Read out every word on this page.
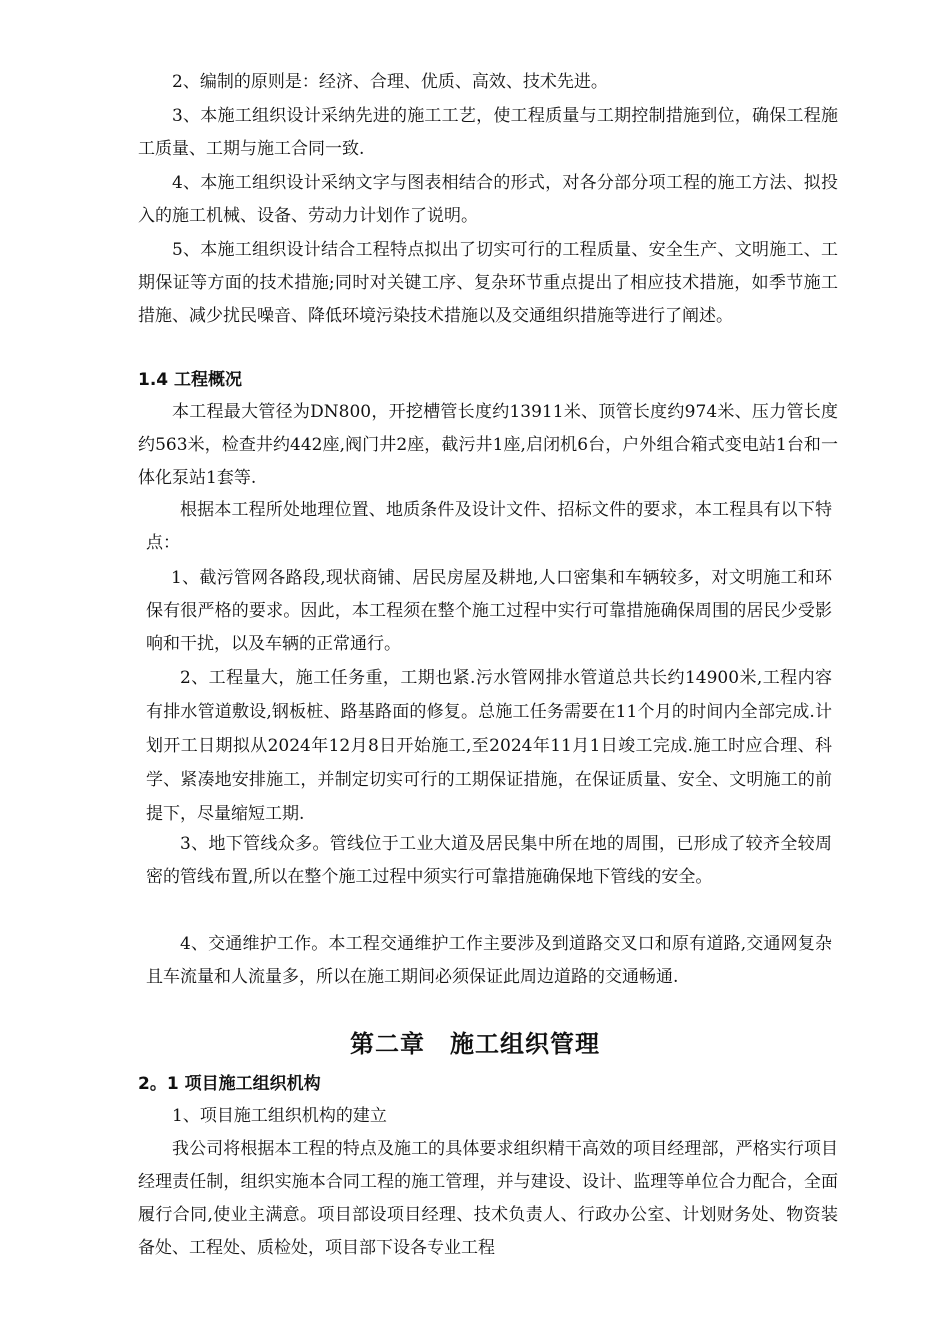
2、编制的原则是：经济、合理、优质、高效、技术先进。
3、本施工组织设计采纳先进的施工工艺，使工程质量与工期控制措施到位，确保工程施工质量、工期与施工合同一致.
4、本施工组织设计采纳文字与图表相结合的形式，对各分部分项工程的施工方法、拟投入的施工机械、设备、劳动力计划作了说明。
5、本施工组织设计结合工程特点拟出了切实可行的工程质量、安全生产、文明施工、工期保证等方面的技术措施;同时对关键工序、复杂环节重点提出了相应技术措施，如季节施工措施、减少扰民噪音、降低环境污染技术措施以及交通组织措施等进行了阐述。
1.4 工程概况
本工程最大管径为DN800，开挖槽管长度约13911米、顶管长度约974米、压力管长度约563米，检查井约442座,阀门井2座，截污井1座,启闭机6台，户外组合箱式变电站1台和一体化泵站1套等.
根据本工程所处地理位置、地质条件及设计文件、招标文件的要求，本工程具有以下特点：
1、截污管网各路段,现状商铺、居民房屋及耕地,人口密集和车辆较多，对文明施工和环保有很严格的要求。因此，本工程须在整个施工过程中实行可靠措施确保周围的居民少受影响和干扰，以及车辆的正常通行。
2、工程量大，施工任务重，工期也紧.污水管网排水管道总共长约14900米,工程内容有排水管道敷设,钢板桩、路基路面的修复。总施工任务需要在11个月的时间内全部完成.计划开工日期拟从2024年12月8日开始施工,至2024年11月1日竣工完成.施工时应合理、科学、紧凑地安排施工，并制定切实可行的工期保证措施，在保证质量、安全、文明施工的前提下，尽量缩短工期.
3、地下管线众多。管线位于工业大道及居民集中所在地的周围，已形成了较齐全较周密的管线布置,所以在整个施工过程中须实行可靠措施确保地下管线的安全。
4、交通维护工作。本工程交通维护工作主要涉及到道路交叉口和原有道路,交通网复杂且车流量和人流量多，所以在施工期间必须保证此周边道路的交通畅通.
第二章　施工组织管理
2。1 项目施工组织机构
1、项目施工组织机构的建立
我公司将根据本工程的特点及施工的具体要求组织精干高效的项目经理部，严格实行项目经理责任制，组织实施本合同工程的施工管理，并与建设、设计、监理等单位合力配合，全面履行合同,使业主满意。项目部设项目经理、技术负责人、行政办公室、计划财务处、物资装备处、工程处、质检处，项目部下设各专业工程
